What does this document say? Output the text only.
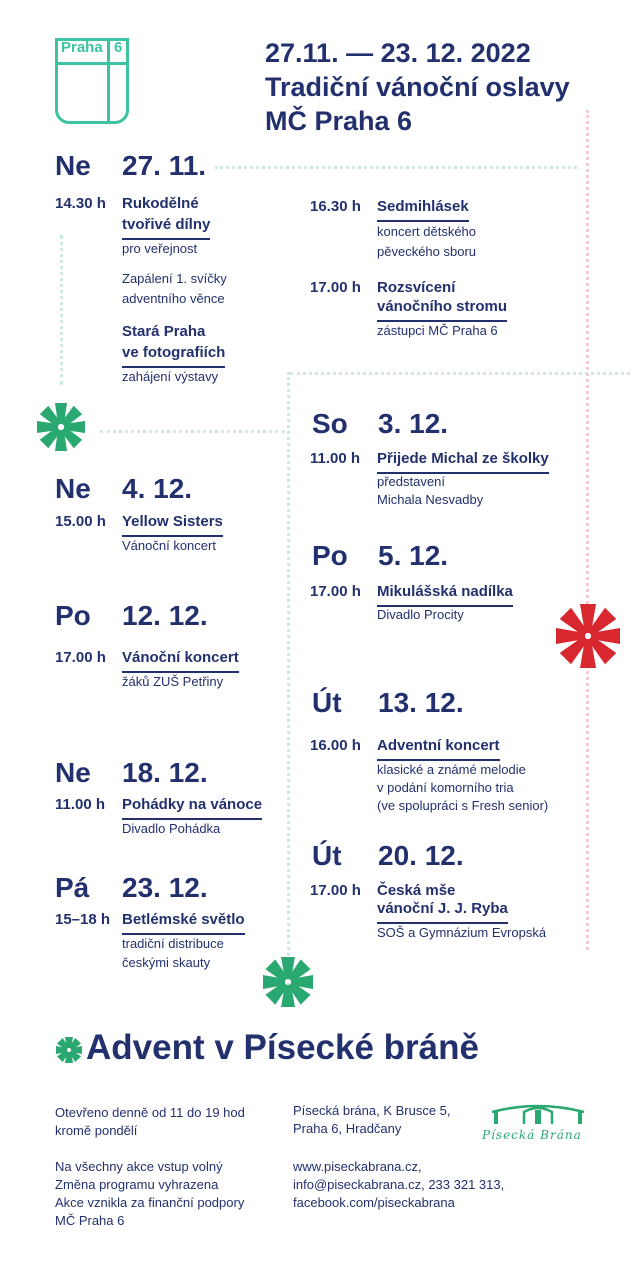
Praha 6	27.11. — 23. 12. 2022
Tradiční vánoční oslavy
MČ Praha 6
Ne 27. 11.
14.30 h Rukodělné
tvořivé dílny
pro veřejnost
Zapálení 1. svíčky
adventního věnce
Stará Praha
ve fotografiích
zahájení výstavy
Ne 4. 12.
15.00 h Yellow Sisters
Vánoční koncert
Po 12. 12.
17.00 h Vánoční koncert
žáků ZUŠ Petřiny
Ne 18. 12.
11.00 h Pohádky na vánoce
Divadlo Pohádka
Pá 23. 12.
15–18 h Betlémské světlo
tradiční distribuce
českými skauty
16.30 h Sedmihlásek
koncert dětského
pěveckého sboru
17.00 h Rozsvícení
vánočního stromu
zástupci MČ Praha 6
So 3. 12.
11.00 h Přijede Michal ze školky
představení
Michala Nesvadby
Po 5. 12.
17.00 h Mikulášská nadílka
Divadlo Procity
Út 13. 12.
16.00 h Adventní koncert
klasické a známé melodie
v podání komorního tria
(ve spolupráci s Fresh senior)
Út 20. 12.
17.00 h Česká mše
vánoční J. J. Ryba
SOŠ a Gymnázium Evropská
Advent v Písecké bráně
Otevřeno denně od 11 do 19 hod
kromě pondělí
Na všechny akce vstup volný
Změna programu vyhrazena
Akce vznikla za finanční podpory
MČ Praha 6
Písecká brána, K Brusce 5,
Praha 6, Hradčany
www.piseckabrana.cz,
info@piseckabrana.cz, 233 321 313,
facebook.com/piseckabrana
Písecká Brána
